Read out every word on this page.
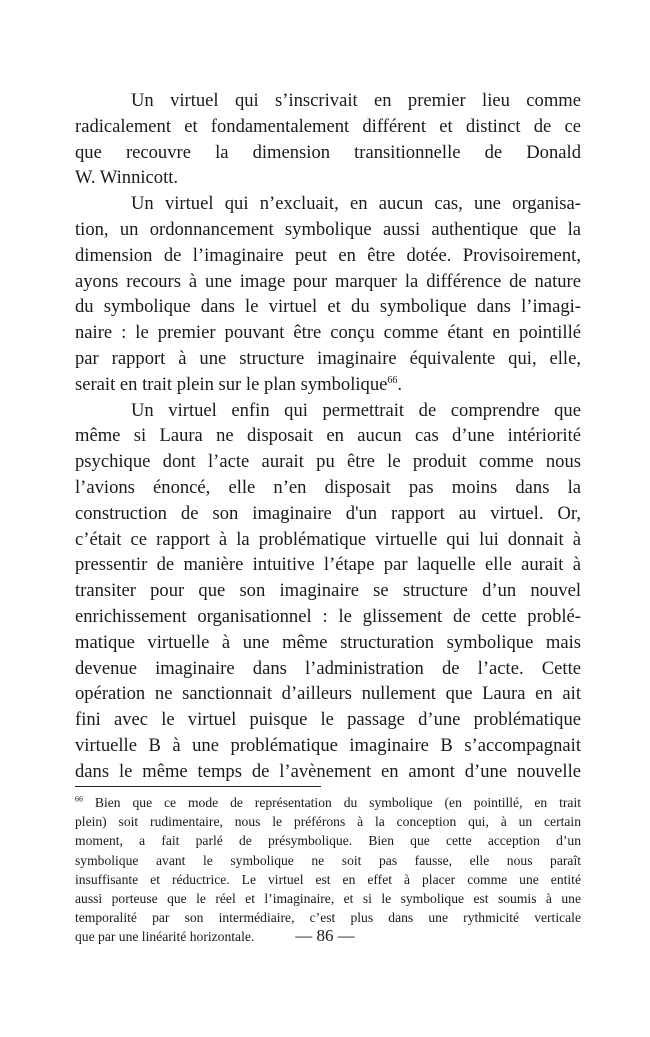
Un virtuel qui s’inscrivait en premier lieu comme
radicalement et fondamentalement différent et distinct de ce
que recouvre la dimension transitionnelle de Donald
W. Winnicott.
Un virtuel qui n’excluait, en aucun cas, une organisa-
tion, un ordonnancement symbolique aussi authentique que la
dimension de l’imaginaire peut en être dotée. Provisoirement,
ayons recours à une image pour marquer la différence de nature
du symbolique dans le virtuel et du symbolique dans l’imagi-
naire : le premier pouvant être conçu comme étant en pointillé
par rapport à une structure imaginaire équivalente qui, elle,
serait en trait plein sur le plan symbolique$^{66}$.
Un virtuel enfin qui permettrait de comprendre que
même si Laura ne disposait en aucun cas d’une intériorité
psychique dont l’acte aurait pu être le produit comme nous
l’avions énoncé, elle n’en disposait pas moins dans la
construction de son imaginaire d'un rapport au virtuel. Or,
c’était ce rapport à la problématique virtuelle qui lui donnait à
pressentir de manière intuitive l’étape par laquelle elle aurait à
transiter pour que son imaginaire se structure d’un nouvel
enrichissement organisationnel : le glissement de cette problé-
matique virtuelle à une même structuration symbolique mais
devenue imaginaire dans l’administration de l’acte. Cette
opération ne sanctionnait d’ailleurs nullement que Laura en ait
fini avec le virtuel puisque le passage d’une problématique
virtuelle B à une problématique imaginaire B s’accompagnait
dans le même temps de l’avènement en amont d’une nouvelle
$^{66}$ Bien que ce mode de représentation du symbolique (en pointillé, en trait
plein) soit rudimentaire, nous le préférons à la conception qui, à un certain
moment, a fait parlé de présymbolique. Bien que cette acception d’un
symbolique avant le symbolique ne soit pas fausse, elle nous paraît
insuffisante et réductrice. Le virtuel est en effet à placer comme une entité
aussi porteuse que le réel et l’imaginaire, et si le symbolique est soumis à une
temporalité par son intermédiaire, c’est plus dans une rythmicité verticale
que par une linéarité horizontale.	— 86 —
